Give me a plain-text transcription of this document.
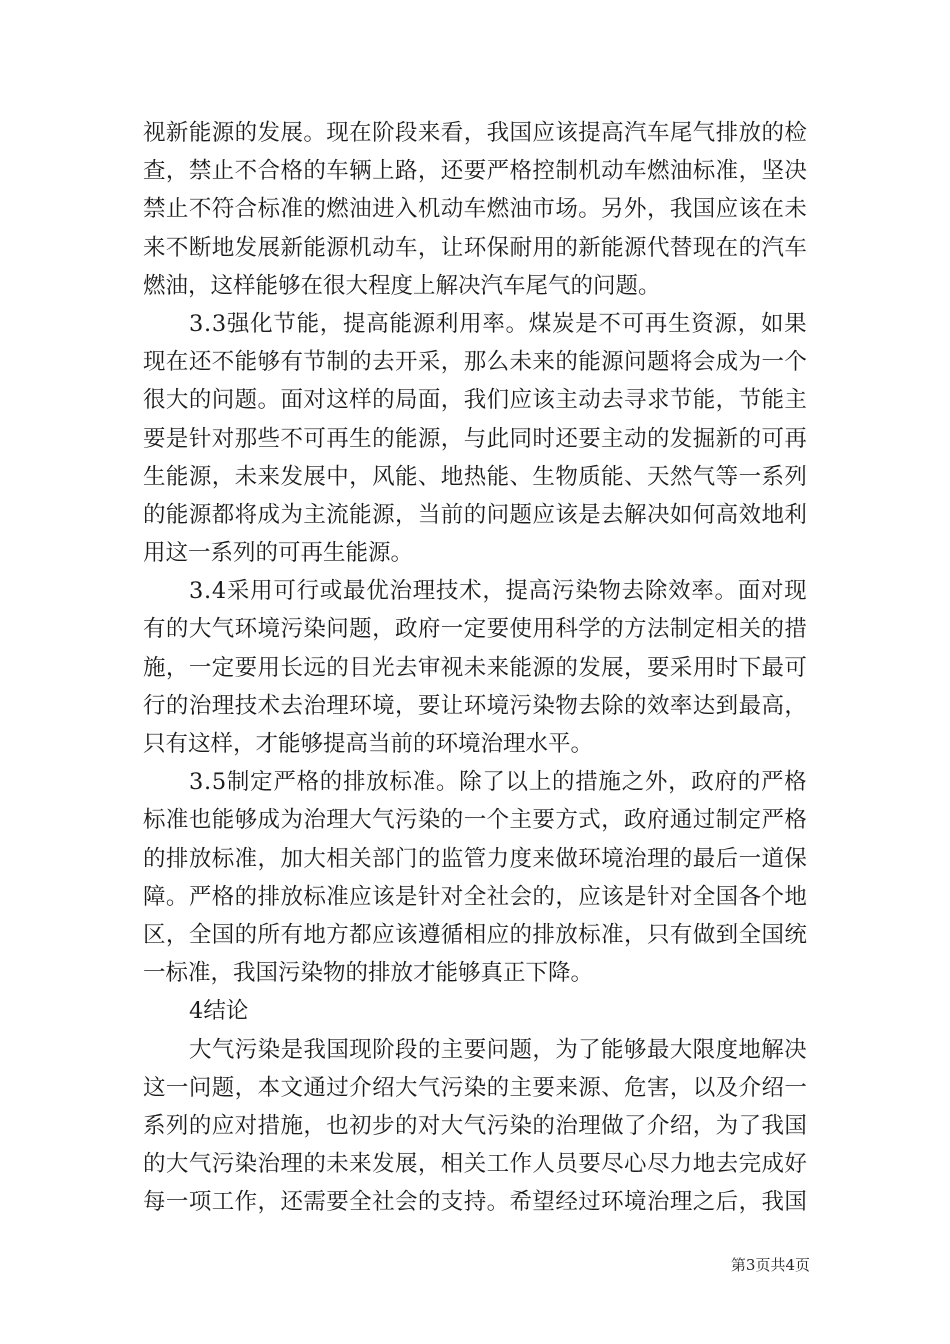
视 新 能 源 的 发 展 。 现 在 阶 段 来 看 ， 我 国 应 该 提 高 汽 车 尾 气 排 放 的 检
查 ， 禁 止 不 合 格 的 车 辆 上 路 ， 还 要 严 格 控 制 机 动 车 燃 油 标 准 ， 坚 决
禁 止 不 符 合 标 准 的 燃 油 进 入 机 动 车 燃 油 市 场 。 另 外 ， 我 国 应 该 在 未
来 不 断 地 发 展 新 能 源 机 动 车 ， 让 环 保 耐 用 的 新 能 源 代 替 现 在 的 汽 车
燃油，这样能够在很大程度上解决汽车尾气的问题。
3 . 3 强 化 节 能 ， 提 高 能 源 利 用 率 。 煤 炭 是 不 可 再 生 资 源 ， 如 果
现 在 还 不 能 够 有 节 制 的 去 开 采 ， 那 么 未 来 的 能 源 问 题 将 会 成 为 一 个
很 大 的 问 题 。 面 对 这 样 的 局 面 ， 我 们 应 该 主 动 去 寻 求 节 能 ， 节 能 主
要 是 针 对 那 些 不 可 再 生 的 能 源 ， 与 此 同 时 还 要 主 动 的 发 掘 新 的 可 再
生 能 源 ， 未 来 发 展 中 ， 风 能 、 地 热 能 、 生 物 质 能 、 天 然 气 等 一 系 列
的 能 源 都 将 成 为 主 流 能 源 ， 当 前 的 问 题 应 该 是 去 解 决 如 何 高 效 地 利
用这一系列的可再生能源。
3 . 4 采 用 可 行 或 最 优 治 理 技 术 ， 提 高 污 染 物 去 除 效 率 。 面 对 现
有 的 大 气 环 境 污 染 问 题 ， 政 府 一 定 要 使 用 科 学 的 方 法 制 定 相 关 的 措
施 ， 一 定 要 用 长 远 的 目 光 去 审 视 未 来 能 源 的 发 展 ， 要 采 用 时 下 最 可
行 的 治 理 技 术 去 治 理 环 境 ， 要 让 环 境 污 染 物 去 除 的 效 率 达 到 最 高 ，
只有这样，才能够提高当前的环境治理水平。
3 . 5 制 定 严 格 的 排 放 标 准 。 除 了 以 上 的 措 施 之 外 ， 政 府 的 严 格
标 准 也 能 够 成 为 治 理 大 气 污 染 的 一 个 主 要 方 式 ， 政 府 通 过 制 定 严 格
的 排 放 标 准 ， 加 大 相 关 部 门 的 监 管 力 度 来 做 环 境 治 理 的 最 后 一 道 保
障 。 严 格 的 排 放 标 准 应 该 是 针 对 全 社 会 的 ， 应 该 是 针 对 全 国 各 个 地
区 ， 全 国 的 所 有 地 方 都 应 该 遵 循 相 应 的 排 放 标 准 ， 只 有 做 到 全 国 统
一标准，我国污染物的排放才能够真正下降。
4结论
大 气 污 染 是 我 国 现 阶 段 的 主 要 问 题 ， 为 了 能 够 最 大 限 度 地 解 决
这 一 问 题 ， 本 文 通 过 介 绍 大 气 污 染 的 主 要 来 源 、 危 害 ， 以 及 介 绍 一
系 列 的 应 对 措 施 ， 也 初 步 的 对 大 气 污 染 的 治 理 做 了 介 绍 ， 为 了 我 国
的 大 气 污 染 治 理 的 未 来 发 展 ， 相 关 工 作 人 员 要 尽 心 尽 力 地 去 完 成 好
每 一 项 工 作 ， 还 需 要 全 社 会 的 支 持 。 希 望 经 过 环 境 治 理 之 后 ， 我 国
第3页共4页
